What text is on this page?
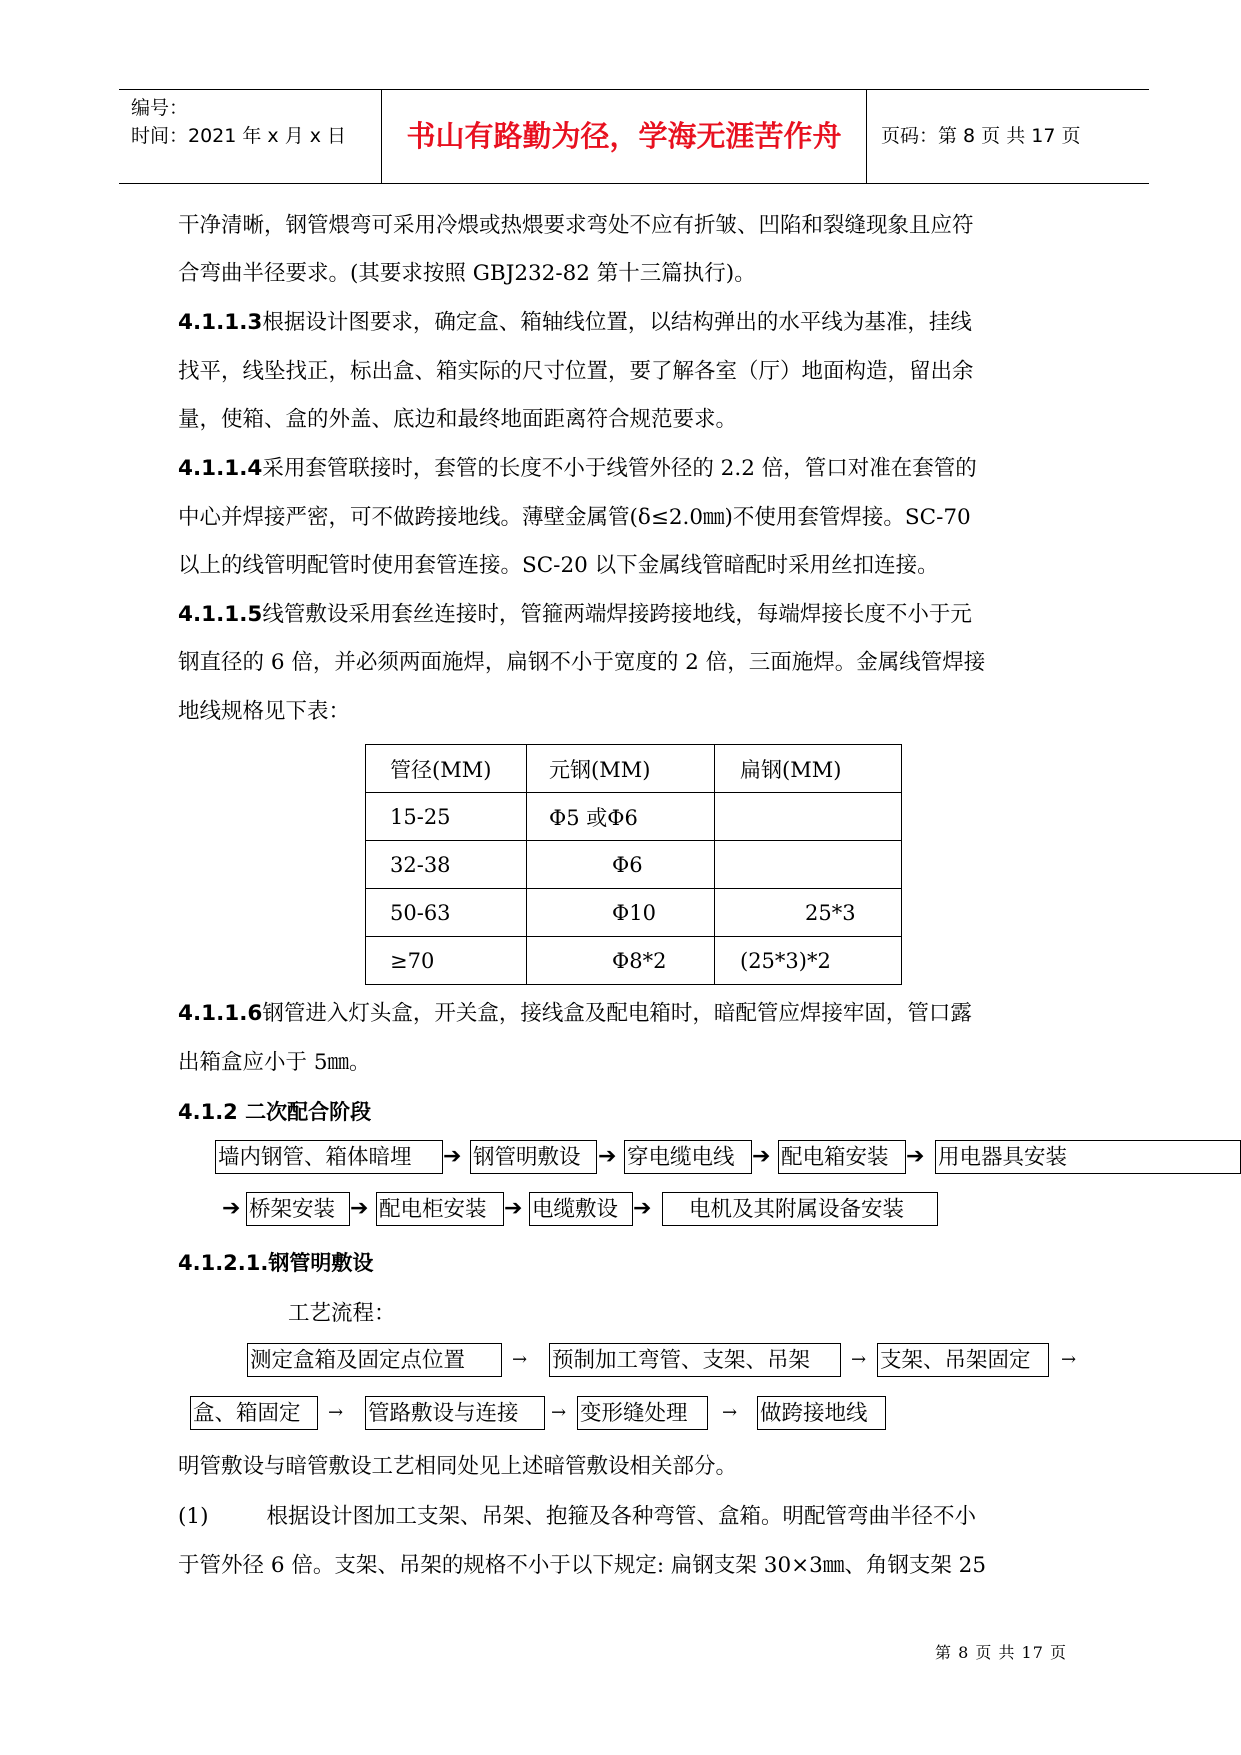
编号：
时间：2021 年 x 月 x 日	书山有路勤为径，学海无涯苦作舟	页码：第 8 页 共 17 页
干净清晰，钢管煨弯可采用冷煨或热煨要求弯处不应有折皱、凹陷和裂缝现象且应符
合弯曲半径要求。(其要求按照 GBJ232-82 第十三篇执行)。
4.1.1.3根据设计图要求，确定盒、箱轴线位置，以结构弹出的水平线为基准，挂线
找平，线坠找正，标出盒、箱实际的尺寸位置，要了解各室（厅）地面构造，留出余
量，使箱、盒的外盖、底边和最终地面距离符合规范要求。
4.1.1.4采用套管联接时，套管的长度不小于线管外径的 2.2 倍，管口对准在套管的
中心并焊接严密，可不做跨接地线。薄壁金属管(δ≤2.0㎜)不使用套管焊接。SC-70
以上的线管明配管时使用套管连接。SC-20 以下金属线管暗配时采用丝扣连接。
4.1.1.5线管敷设采用套丝连接时，管箍两端焊接跨接地线，每端焊接长度不小于元
钢直径的 6 倍，并必须两面施焊，扁钢不小于宽度的 2 倍，三面施焊。金属线管焊接
地线规格见下表：
管径(MM)	元钢(MM)	扁钢(MM)
15-25	Φ5 或Φ6	
32-38	Φ6	
50-63	Φ10	25*3
≥70	Φ8*2	(25*3)*2
4.1.1.6钢管进入灯头盒，开关盒，接线盒及配电箱时，暗配管应焊接牢固，管口露
出箱盒应小于 5㎜。
4.1.2 二次配合阶段
墙内钢管、箱体暗埋	➔ 钢管明敷设 ➔ 穿电缆电线 ➔ 配电箱安装 ➔ 用电器具安装
➔ 桥架安装 ➔ 配电柜安装 ➔ 电缆敷设 ➔	电机及其附属设备安装
4.1.2.1.钢管明敷设
工艺流程：
测定盒箱及固定点位置	→ 预制加工弯管、支架、吊架	→ 支架、吊架固定	→
盒、箱固定	→ 管路敷设与连接	→ 变形缝处理	→ 做跨接地线
明管敷设与暗管敷设工艺相同处见上述暗管敷设相关部分。
(1)	根据设计图加工支架、吊架、抱箍及各种弯管、盒箱。明配管弯曲半径不小
于管外径 6 倍。支架、吊架的规格不小于以下规定: 扁钢支架 30×3㎜、角钢支架 25
第 8 页 共 17 页
